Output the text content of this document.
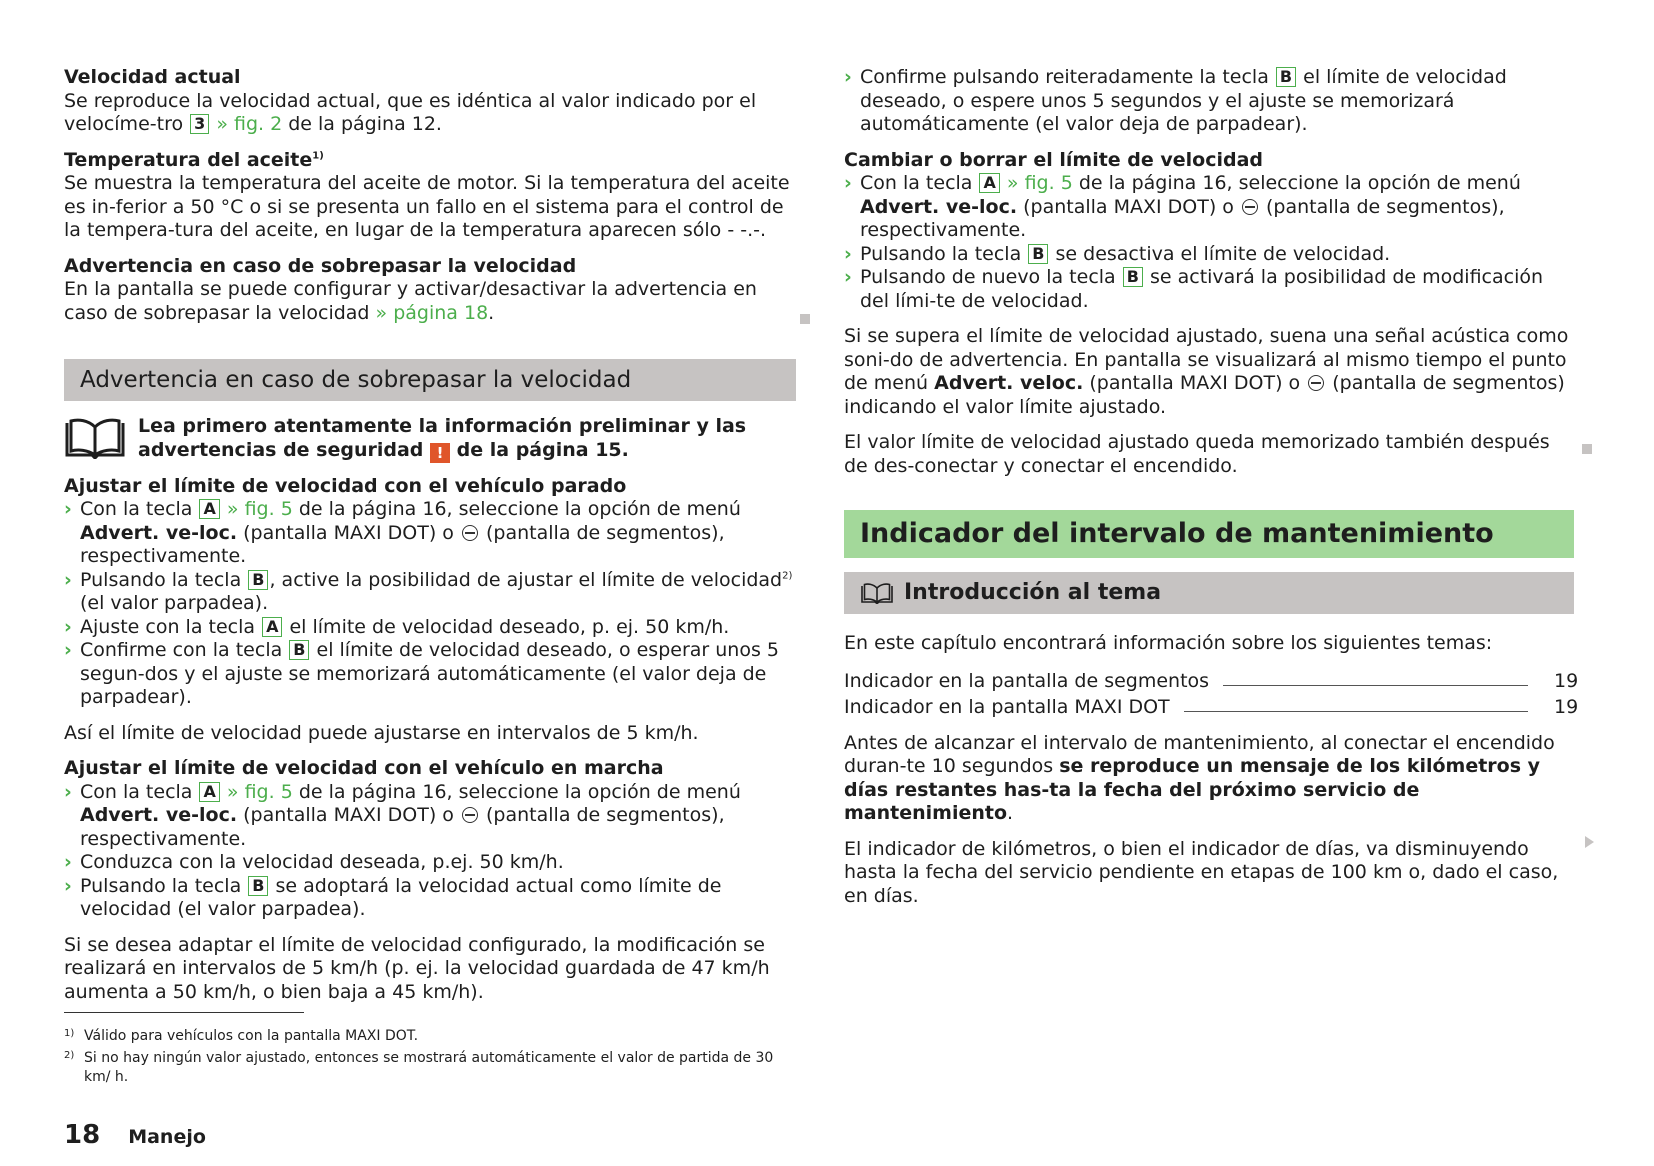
Velocidad actual

Se reproduce la velocidad actual, que es idéntica al valor indicado por el velocíme-tro 3 » fig. 2 de la página 12.

Temperatura del aceite$^{1)}$

Se muestra la temperatura del aceite de motor. Si la temperatura del aceite es in-ferior a 50 °C o si se presenta un fallo en el sistema para el control de la tempera-tura del aceite, en lugar de la temperatura aparecen sólo - -.-.

Advertencia en caso de sobrepasar la velocidad

En la pantalla se puede configurar y activar/desactivar la advertencia en caso de sobrepasar la velocidad » página 18.

Advertencia en caso de sobrepasar la velocidad

Lea primero atentamente la información preliminar y las advertencias de seguridad ! de la página 15.

Ajustar el límite de velocidad con el vehículo parado

› Con la tecla A » fig. 5 de la página 16, seleccione la opción de menú Advert. ve-loc. (pantalla MAXI DOT) o  (pantalla de segmentos), respectivamente.
› Pulsando la tecla B , active la posibilidad de ajustar el límite de velocidad$^{2)}$ (el valor parpadea).
› Ajuste con la tecla A el límite de velocidad deseado, p. ej. 50 km/h.
› Confirme con la tecla B el límite de velocidad deseado, o esperar unos 5 segun-dos y el ajuste se memorizará automáticamente (el valor deja de parpadear).

Así el límite de velocidad puede ajustarse en intervalos de 5 km/h.

Ajustar el límite de velocidad con el vehículo en marcha

› Con la tecla A » fig. 5 de la página 16, seleccione la opción de menú Advert. ve-loc. (pantalla MAXI DOT) o  (pantalla de segmentos), respectivamente.
› Conduzca con la velocidad deseada, p.ej. 50 km/h.
› Pulsando la tecla B se adoptará la velocidad actual como límite de velocidad (el valor parpadea).

Si se desea adaptar el límite de velocidad configurado, la modificación se realizará en intervalos de 5 km/h (p. ej. la velocidad guardada de 47 km/h aumenta a 50 km/h, o bien baja a 45 km/h).

› Confirme pulsando reiteradamente la tecla B el límite de velocidad deseado, o espere unos 5 segundos y el ajuste se memorizará automáticamente (el valor deja de parpadear).

Cambiar o borrar el límite de velocidad

› Con la tecla A » fig. 5 de la página 16, seleccione la opción de menú Advert. ve-loc. (pantalla MAXI DOT) o  (pantalla de segmentos), respectivamente.
› Pulsando la tecla B se desactiva el límite de velocidad.
› Pulsando de nuevo la tecla B se activará la posibilidad de modificación del lími-te de velocidad.

Si se supera el límite de velocidad ajustado, suena una señal acústica como soni-do de advertencia. En pantalla se visualizará al mismo tiempo el punto de menú Advert. veloc. (pantalla MAXI DOT) o  (pantalla de segmentos) indicando el valor límite ajustado.

El valor límite de velocidad ajustado queda memorizado también después de des-conectar y conectar el encendido.

Indicador del intervalo de mantenimiento
Introducción al tema

En este capítulo encontrará información sobre los siguientes temas:

Indicador en la pantalla de segmentos	19
Indicador en la pantalla MAXI DOT	19

Antes de alcanzar el intervalo de mantenimiento, al conectar el encendido duran-te 10 segundos se reproduce un mensaje de los kilómetros y días restantes has-ta la fecha del próximo servicio de mantenimiento.

El indicador de kilómetros, o bien el indicador de días, va disminuyendo hasta la fecha del servicio pendiente en etapas de 100 km o, dado el caso, en días.

1) Válido para vehículos con la pantalla MAXI DOT.
2) Si no hay ningún valor ajustado, entonces se mostrará automáticamente el valor de partida de 30 km/ h.
18 Manejo
